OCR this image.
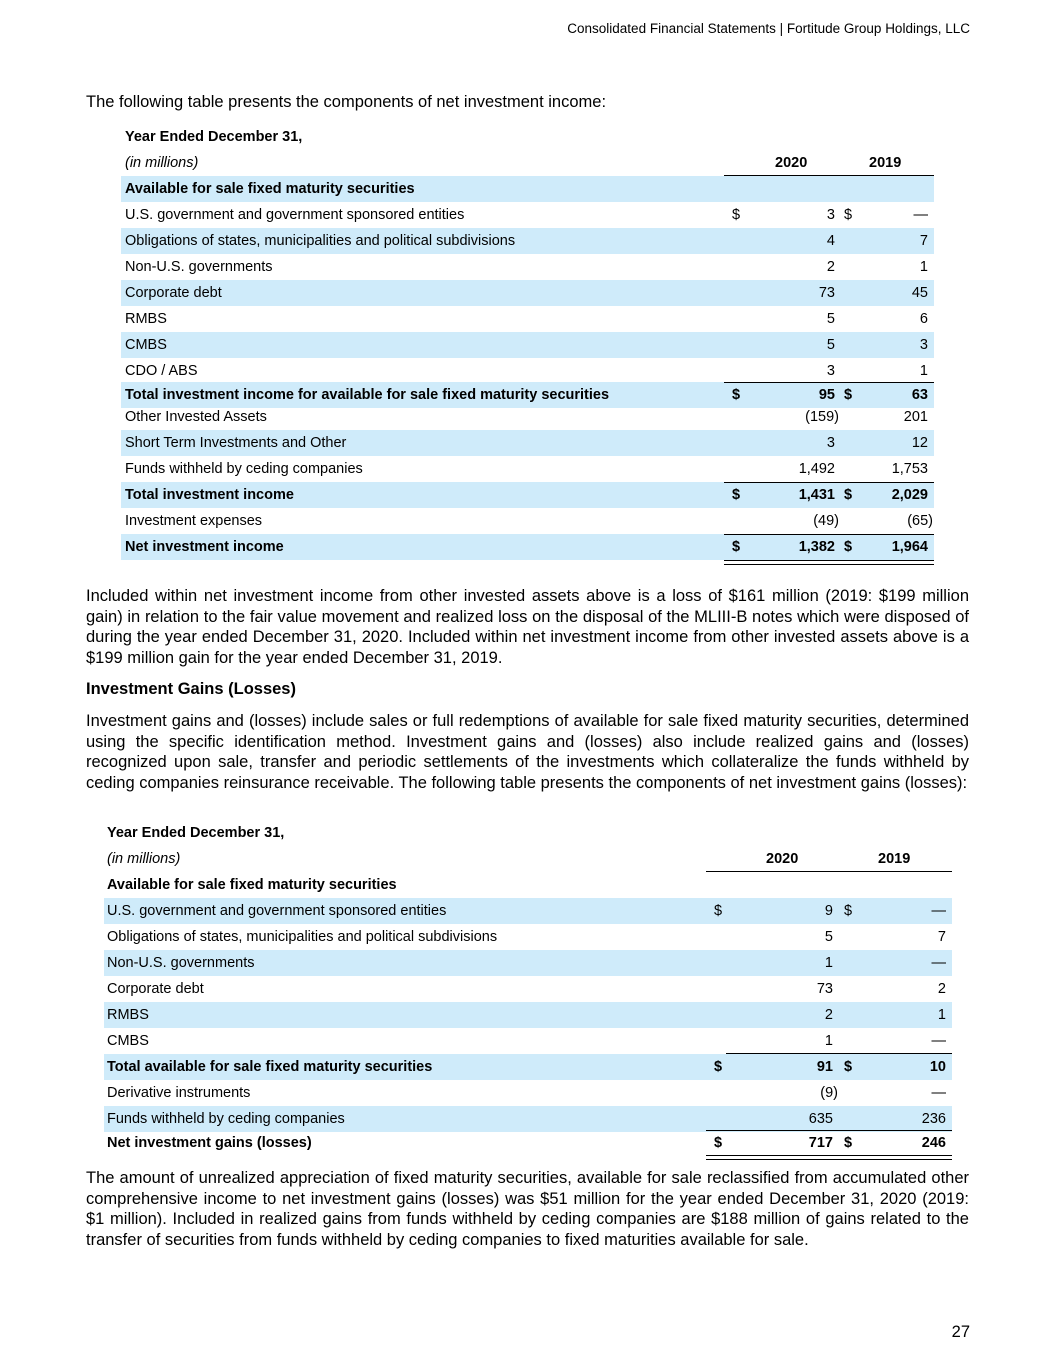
Consolidated Financial Statements | Fortitude Group Holdings, LLC
The following table presents the components of net investment income:
Year Ended December 31,
(in millions)	2020	2019
Available for sale fixed maturity securities
U.S. government and government sponsored entities	$	3 $	—
Obligations of states, municipalities and political subdivisions	4	7
Non-U.S. governments	2	1
Corporate debt	73	45
RMBS	5	6
CMBS	5	3
CDO / ABS	3	1
Total investment income for available for sale fixed maturity securities	$	95 $	63
Other Invested Assets	(159)	201
Short Term Investments and Other	3	12
Funds withheld by ceding companies	1,492	1,753
Total investment income	$	1,431 $	2,029
Investment expenses	(49)	(65)
Net investment income	$	1,382 $	1,964
Included within net investment income from other invested assets above is a loss of $161 million (2019: $199 million gain) in relation to the fair value movement and realized loss on the disposal of the MLIII-B notes which were disposed of during the year ended December 31, 2020. Included within net investment income from other invested assets above is a $199 million gain for the year ended December 31, 2019.
Investment Gains (Losses)
Investment gains and (losses) include sales or full redemptions of available for sale fixed maturity securities, determined using the specific identification method. Investment gains and (losses) also include realized gains and (losses) recognized upon sale, transfer and periodic settlements of the investments which collateralize the funds withheld by ceding companies reinsurance receivable. The following table presents the components of net investment gains (losses):
Year Ended December 31,
(in millions)	2020	2019
Available for sale fixed maturity securities
U.S. government and government sponsored entities	$	9 $	—
Obligations of states, municipalities and political subdivisions	5	7
Non-U.S. governments	1	—
Corporate debt	73	2
RMBS	2	1
CMBS	1	—
Total available for sale fixed maturity securities	$	91 $	10
Derivative instruments	(9)	—
Funds withheld by ceding companies	635	236
Net investment gains (losses)	$	717 $	246
The amount of unrealized appreciation of fixed maturity securities, available for sale reclassified from accumulated other comprehensive income to net investment gains (losses) was $51 million for the year ended December 31, 2020 (2019: $1 million). Included in realized gains from funds withheld by ceding companies are $188 million of gains related to the transfer of securities from funds withheld by ceding companies to fixed maturities available for sale.
27
